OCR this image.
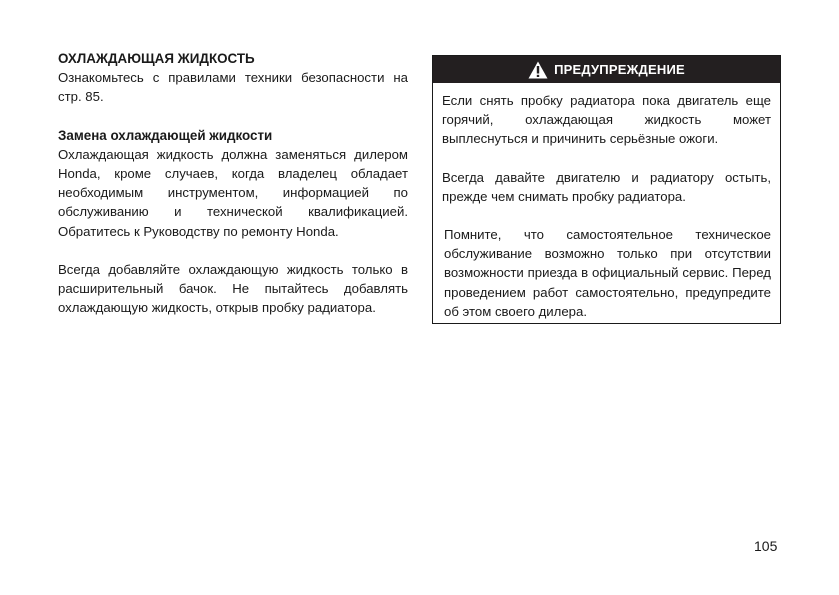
ОХЛАЖДАЮЩАЯ ЖИДКОСТЬ

Ознакомьтесь с правилами техники безопасности на стр. 85.

Замена охлаждающей жидкости

Охлаждающая жидкость должна заменяться дилером Honda, кроме случаев, когда владелец обладает необходимым инструментом, информацией по обслуживанию и технической квалификацией. Обратитесь к Руководству по ремонту Honda.

Всегда добавляйте охлаждающую жидкость только в расширительный бачок. Не пытайтесь добавлять охлаждающую жидкость, открыв пробку радиатора.

ПРЕДУПРЕЖДЕНИЕ

Если снять пробку радиатора пока двигатель еще горячий, охлаждающая жидкость может выплеснуться и причинить серьёзные ожоги.

Всегда давайте двигателю и радиатору остыть, прежде чем снимать пробку радиатора.

Помните, что самостоятельное техническое обслуживание возможно только при отсутствии возможности приезда в официальный сервис. Перед проведением работ самостоятельно, предупредите об этом своего дилера.

105
